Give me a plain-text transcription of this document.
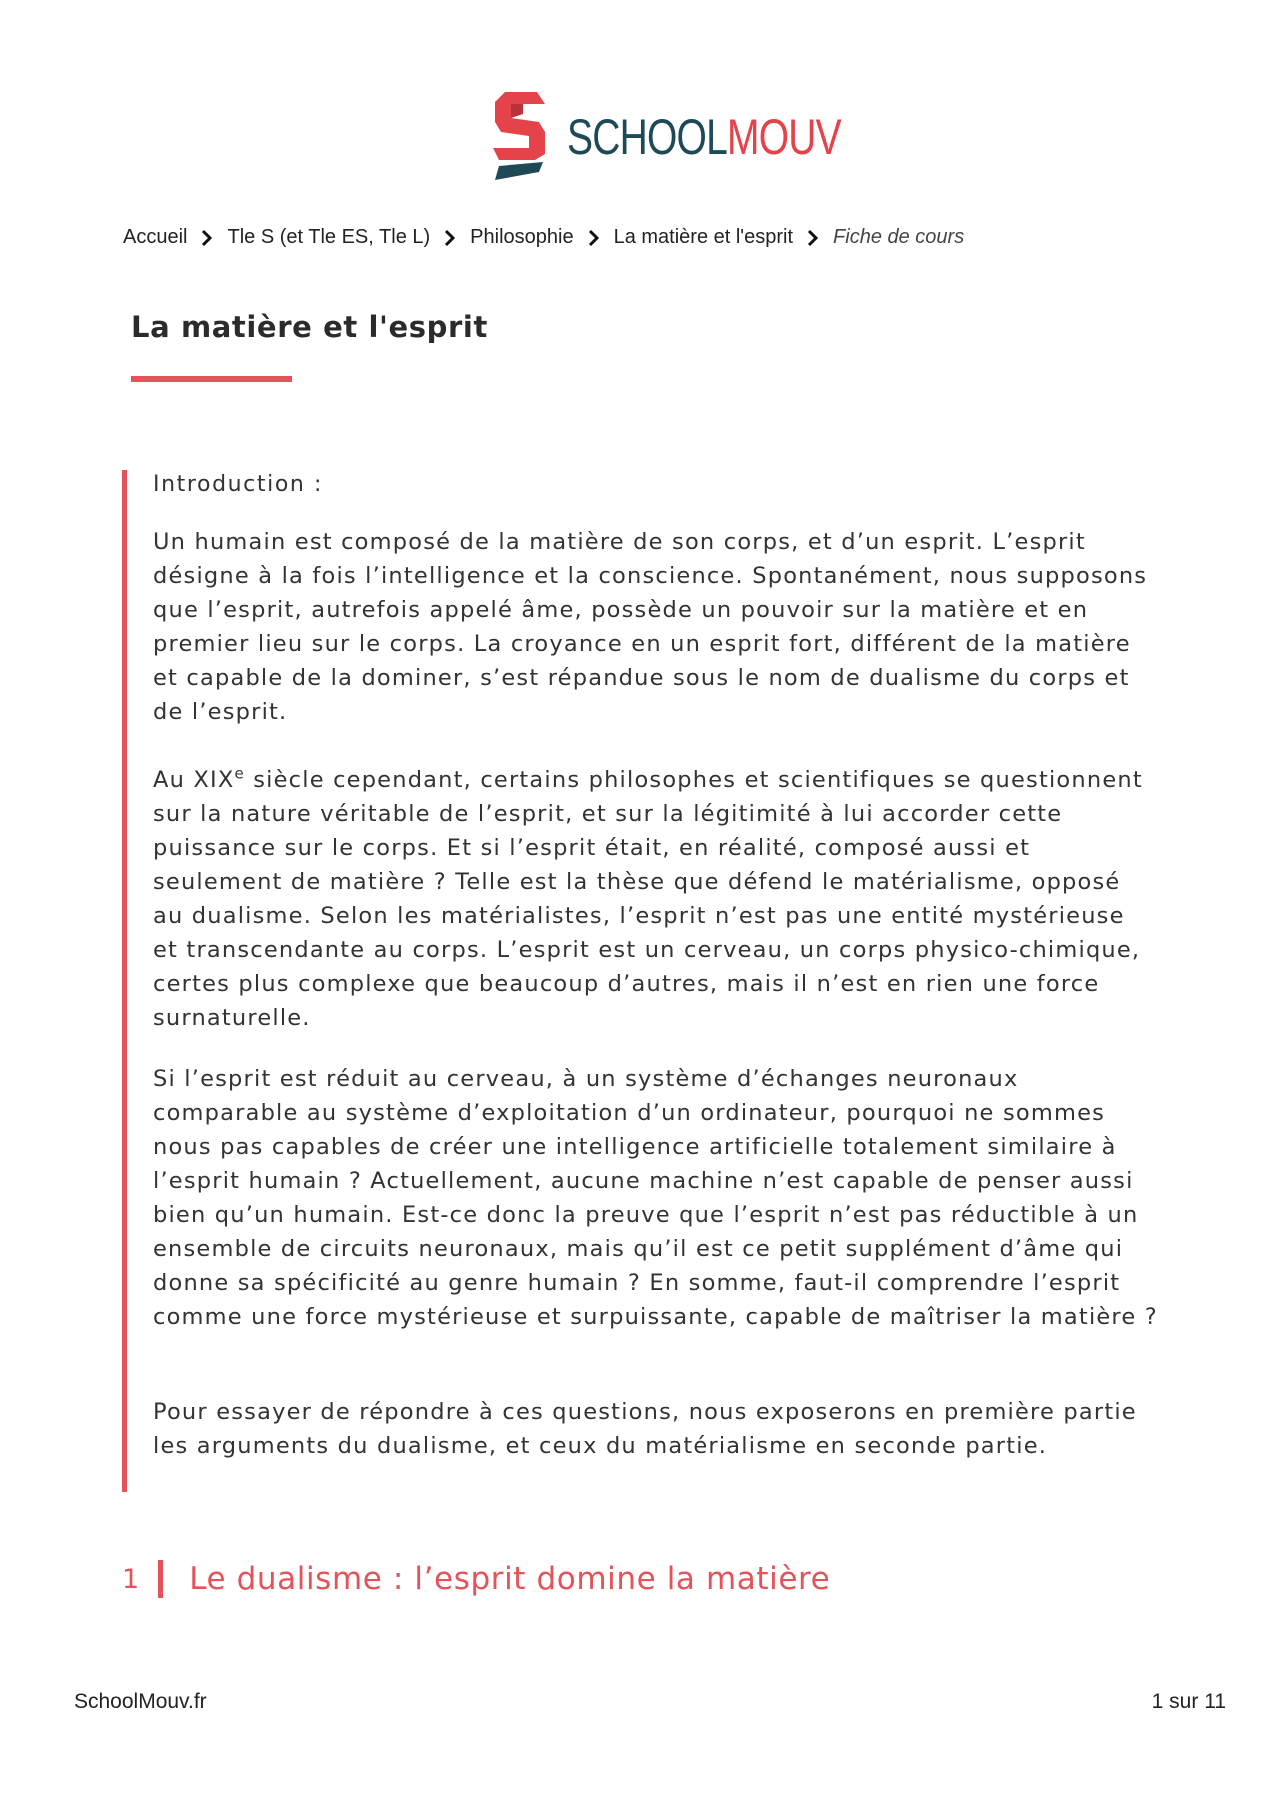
SCHOOLMOUV
Accueil Tle S (et Tle ES, Tle L) Philosophie La matière et l'esprit Fiche de cours
La matière et l'esprit
Introduction :

Un humain est composé de la matière de son corps, et d’un esprit. L’esprit désigne à la fois l’intelligence et la conscience. Spontanément, nous supposons que l’esprit, autrefois appelé âme, possède un pouvoir sur la matière et en premier lieu sur le corps. La croyance en un esprit fort, différent de la matière et capable de la dominer, s’est répandue sous le nom de dualisme du corps et de l’esprit.

Au XIXe siècle cependant, certains philosophes et scientifiques se questionnent sur la nature véritable de l’esprit, et sur la légitimité à lui accorder cette puissance sur le corps. Et si l’esprit était, en réalité, composé aussi et seulement de matière ? Telle est la thèse que défend le matérialisme, opposé au dualisme. Selon les matérialistes, l’esprit n’est pas une entité mystérieuse et transcendante au corps. L’esprit est un cerveau, un corps physico-chimique, certes plus complexe que beaucoup d’autres, mais il n’est en rien une force surnaturelle.

Si l’esprit est réduit au cerveau, à un système d’échanges neuronaux comparable au système d’exploitation d’un ordinateur, pourquoi ne sommes nous pas capables de créer une intelligence artificielle totalement similaire à l’esprit humain ? Actuellement, aucune machine n’est capable de penser aussi bien qu’un humain. Est-ce donc la preuve que l’esprit n’est pas réductible à un ensemble de circuits neuronaux, mais qu’il est ce petit supplément d’âme qui donne sa spécificité au genre humain ? En somme, faut-il comprendre l’esprit comme une force mystérieuse et surpuissante, capable de maîtriser la matière ?

Pour essayer de répondre à ces questions, nous exposerons en première partie les arguments du dualisme, et ceux du matérialisme en seconde partie.

1 Le dualisme : l’esprit domine la matière
SchoolMouv.fr	1 sur 11
